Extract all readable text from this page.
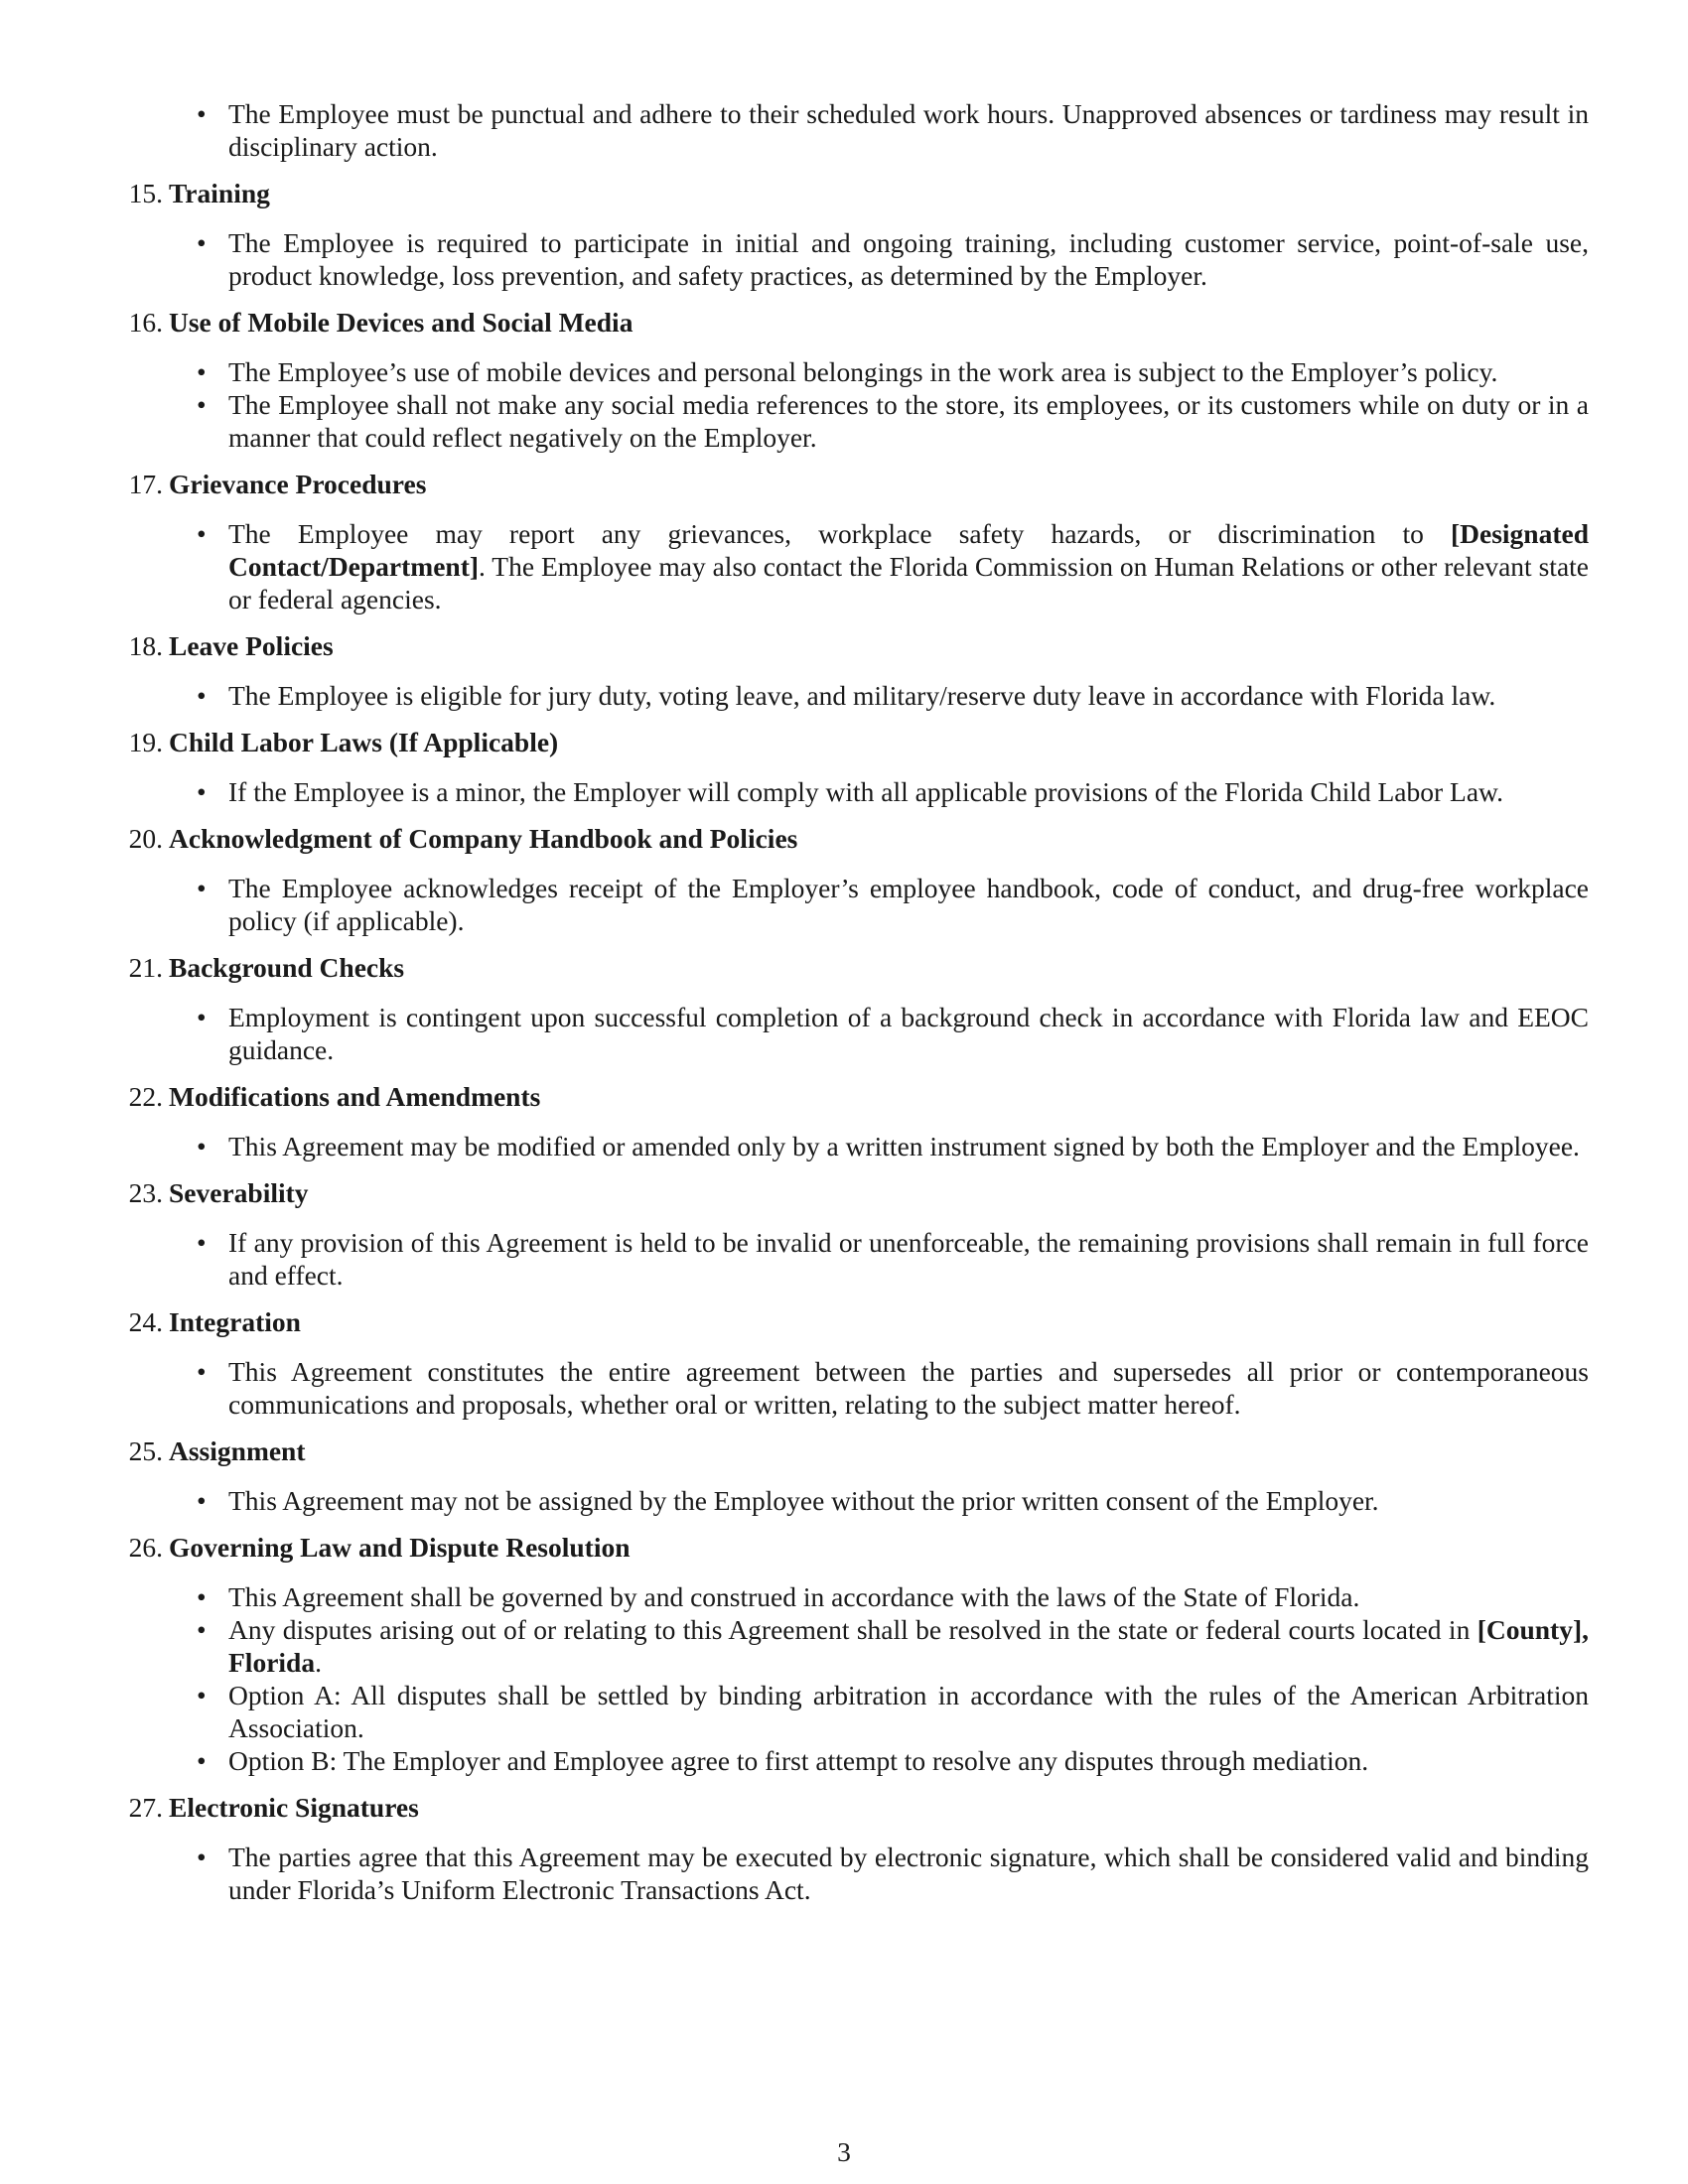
• The Employee must be punctual and adhere to their scheduled work hours. Unapproved absences or tardiness may result in disciplinary action.
15. Training
• The Employee is required to participate in initial and ongoing training, including customer service, point-of-sale use, product knowledge, loss prevention, and safety practices, as determined by the Employer.
16. Use of Mobile Devices and Social Media
• The Employee’s use of mobile devices and personal belongings in the work area is subject to the Employer’s policy.
• The Employee shall not make any social media references to the store, its employees, or its customers while on duty or in a manner that could reflect negatively on the Employer.
17. Grievance Procedures
• The Employee may report any grievances, workplace safety hazards, or discrimination to [Designated Contact/Department]. The Employee may also contact the Florida Commission on Human Relations or other relevant state or federal agencies.
18. Leave Policies
• The Employee is eligible for jury duty, voting leave, and military/reserve duty leave in accordance with Florida law.
19. Child Labor Laws (If Applicable)
• If the Employee is a minor, the Employer will comply with all applicable provisions of the Florida Child Labor Law.
20. Acknowledgment of Company Handbook and Policies
• The Employee acknowledges receipt of the Employer’s employee handbook, code of conduct, and drug-free workplace policy (if applicable).
21. Background Checks
• Employment is contingent upon successful completion of a background check in accordance with Florida law and EEOC guidance.
22. Modifications and Amendments
• This Agreement may be modified or amended only by a written instrument signed by both the Employer and the Employee.
23. Severability
• If any provision of this Agreement is held to be invalid or unenforceable, the remaining provisions shall remain in full force and effect.
24. Integration
• This Agreement constitutes the entire agreement between the parties and supersedes all prior or contemporaneous communications and proposals, whether oral or written, relating to the subject matter hereof.
25. Assignment
• This Agreement may not be assigned by the Employee without the prior written consent of the Employer.
26. Governing Law and Dispute Resolution
• This Agreement shall be governed by and construed in accordance with the laws of the State of Florida.
• Any disputes arising out of or relating to this Agreement shall be resolved in the state or federal courts located in [County], Florida.
• Option A: All disputes shall be settled by binding arbitration in accordance with the rules of the American Arbitration Association.
• Option B: The Employer and Employee agree to first attempt to resolve any disputes through mediation.
27. Electronic Signatures
• The parties agree that this Agreement may be executed by electronic signature, which shall be considered valid and binding under Florida’s Uniform Electronic Transactions Act.
3
